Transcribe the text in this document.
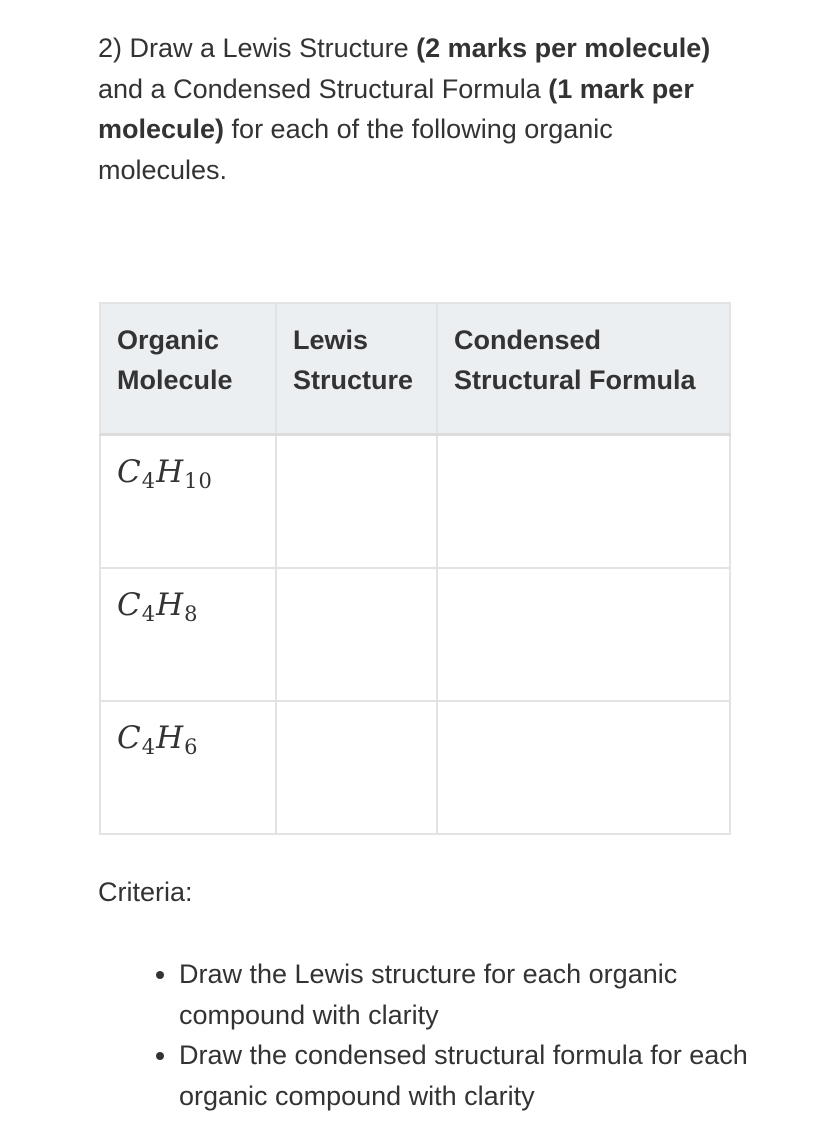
2) Draw a Lewis Structure (2 marks per molecule) and a Condensed Structural Formula (1 mark per molecule) for each of the following organic molecules.

Organic Molecule	Lewis Structure	Condensed Structural Formula
$C_4H_{10}$		
$C_4H_8$		
$C_4H_6$		

Criteria:

• Draw the Lewis structure for each organic compound with clarity
• Draw the condensed structural formula for each organic compound with clarity
